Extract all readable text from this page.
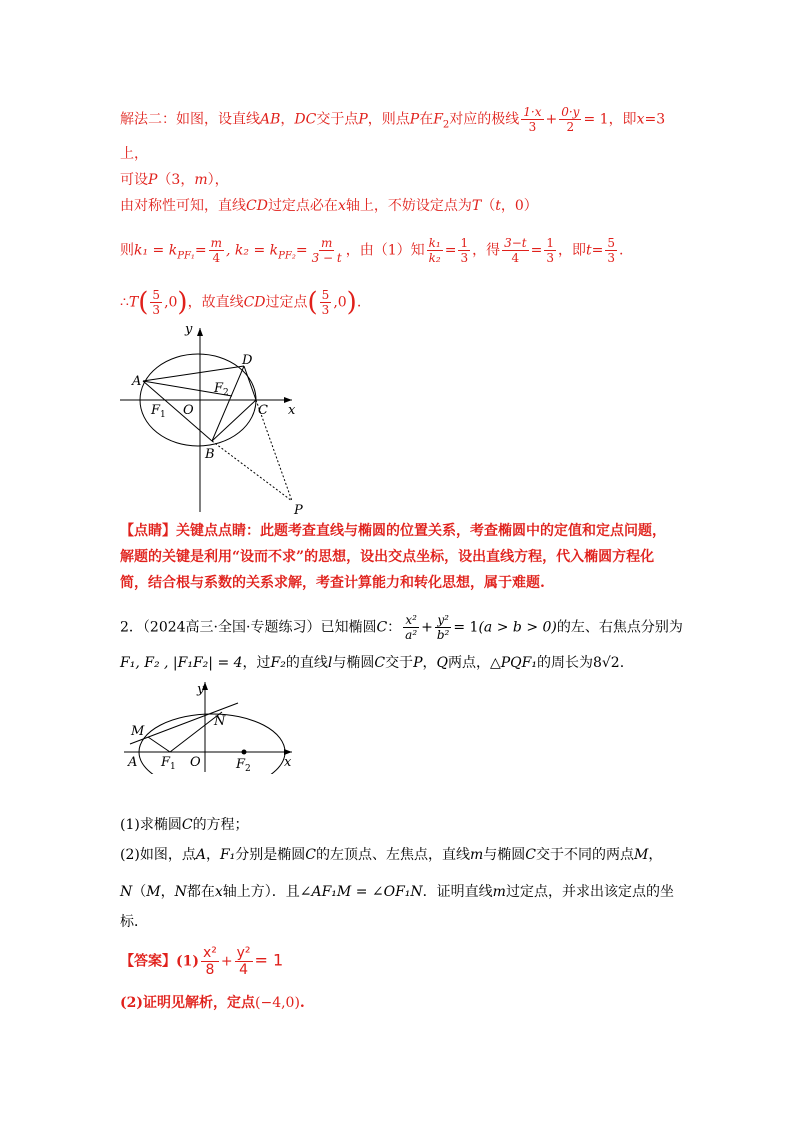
解法二：如图，设直线AB，DC交于点P，则点P在$F_2$对应的极线 $\frac{1\cdot x}{3} + \frac{0\cdot y}{2} = 1$，即x=3
上，
可设P（3，m），
由对称性可知，直线CD过定点必在x轴上，不妨设定点为T（t，0）
则$k_1 = k_{PF_1}= \frac{m}{4}$ , $k_2 = k_{PF_2}= \frac{m}{3 - t}$ ，由（1）知 $\frac{\text{k₁}}{\text{k₂}} = \frac{1}{3}$ ，得 $\frac{3-t}{4} = \frac{1}{3}$ ，即$t= \frac{5}{3}$ .
∴T( $\frac{5}{3} ,0$)，故直线CD过定点( $\frac{5}{3} ,0$).
y
x
A
D
C
B
O
$F_1$
$F_2$
P
【点睛】关键点点睛：此题考查直线与椭圆的位置关系，考查椭圆中的定值和定点问题，
解题的关键是利用“设而不求”的思想，设出交点坐标，设出直线方程，代入椭圆方程化
简，结合根与系数的关系求解，考查计算能力和转化思想，属于难题.
2．（2024高三·全国·专题练习）已知椭圆C： $\frac{\text{x²}}{\text{a²}} + \frac{\text{y²}}{\text{b²}} = 1(a > b > 0)$的左、右焦点分别为
F₁, F₂ , |F₁F₂| = 4，过F₂的直线l与椭圆C交于P，Q两点，△PQF₁的周长为8√2.
y
x
M
N
A $F_1$ O	$F_2$
(1)求椭圆C的方程；
(2)如图，点A，F₁分别是椭圆C的左顶点、左焦点，直线m与椭圆C交于不同的两点M，
N（M，N都在x轴上方）．且∠AF₁M = ∠OF₁N．证明直线m过定点，并求出该定点的坐
标．
【答案】$(1) \frac{\text{x²}}{8} + \frac{\text{y²}}{4} = 1$
(2)证明见解析，定点(−4,0).
